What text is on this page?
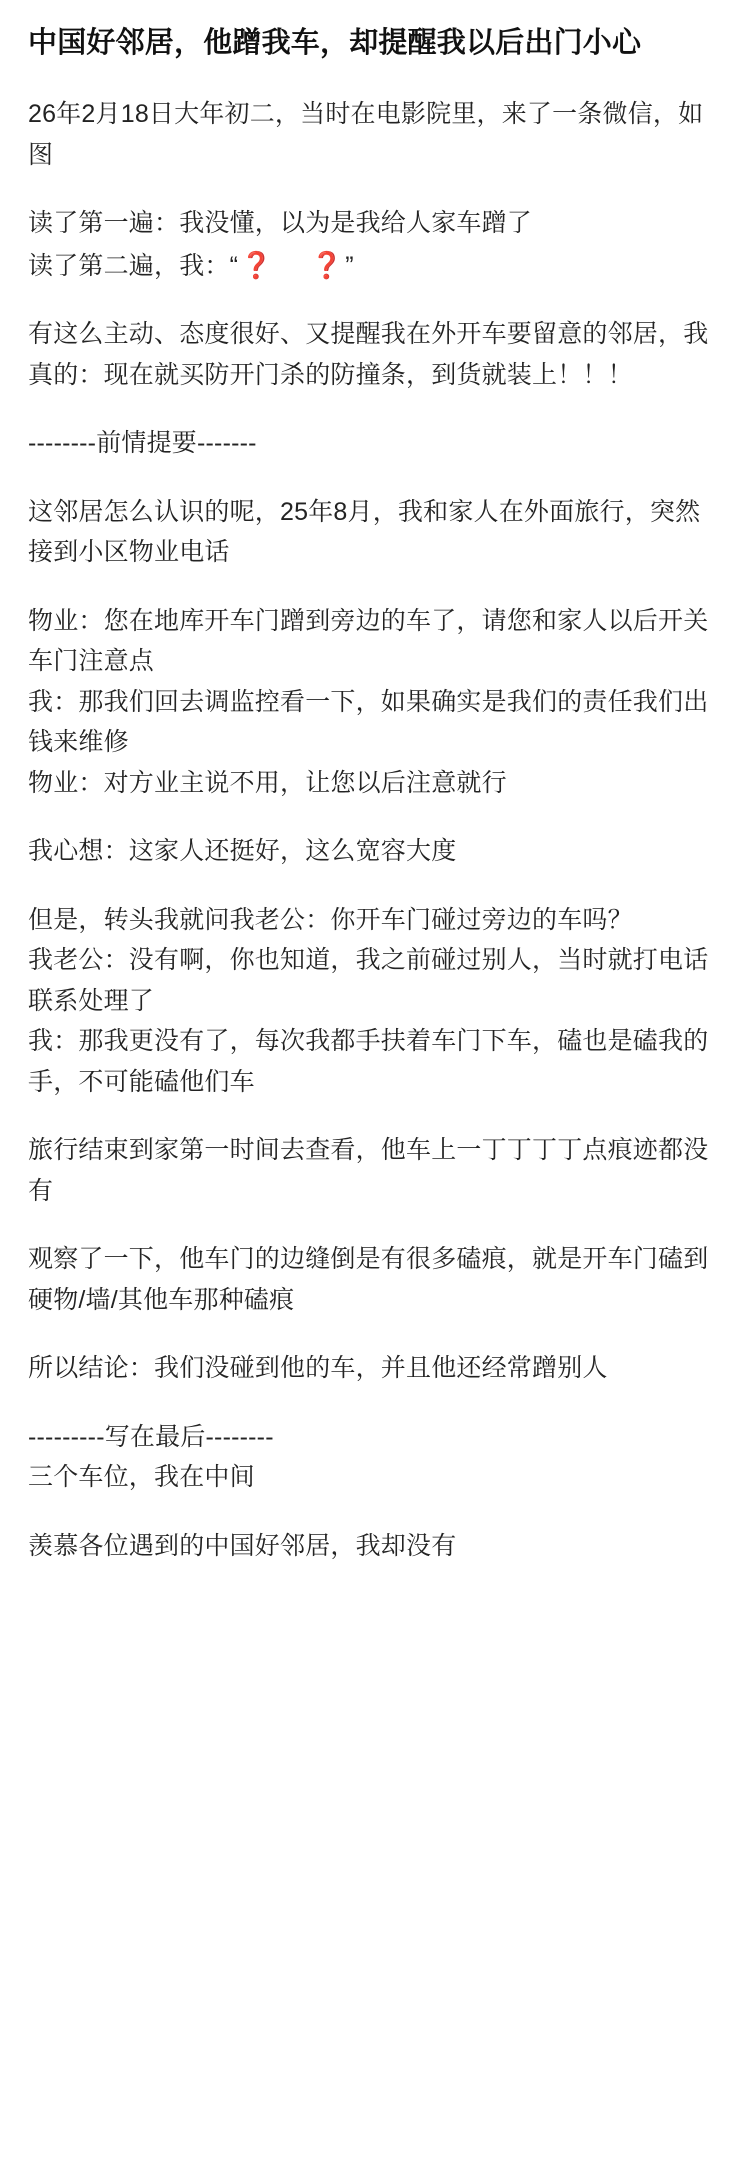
中国好邻居，他蹭我车，却提醒我以后出门小心

26年2月18日大年初二，当时在电影院里，来了一条微信，如图

读了第一遍：我没懂，以为是我给人家车蹭了

读了第二遍，我：“❓ ❓”

有这么主动、态度很好、又提醒我在外开车要留意的邻居，我真的：现在就买防开门杀的防撞条，到货就装上！！！

--------前情提要-------

这邻居怎么认识的呢，25年8月，我和家人在外面旅行，突然接到小区物业电话

物业：您在地库开车门蹭到旁边的车了，请您和家人以后开关车门注意点

我：那我们回去调监控看一下，如果确实是我们的责任我们出钱来维修

物业：对方业主说不用，让您以后注意就行

我心想：这家人还挺好，这么宽容大度

但是，转头我就问我老公：你开车门碰过旁边的车吗？

我老公：没有啊，你也知道，我之前碰过别人，当时就打电话联系处理了

我：那我更没有了，每次我都手扶着车门下车，磕也是磕我的手，不可能磕他们车

旅行结束到家第一时间去查看，他车上一丁丁丁丁点痕迹都没有

观察了一下，他车门的边缝倒是有很多磕痕，就是开车门磕到硬物/墙/其他车那种磕痕

所以结论：我们没碰到他的车，并且他还经常蹭别人

---------写在最后--------

三个车位，我在中间

羡慕各位遇到的中国好邻居，我却没有
